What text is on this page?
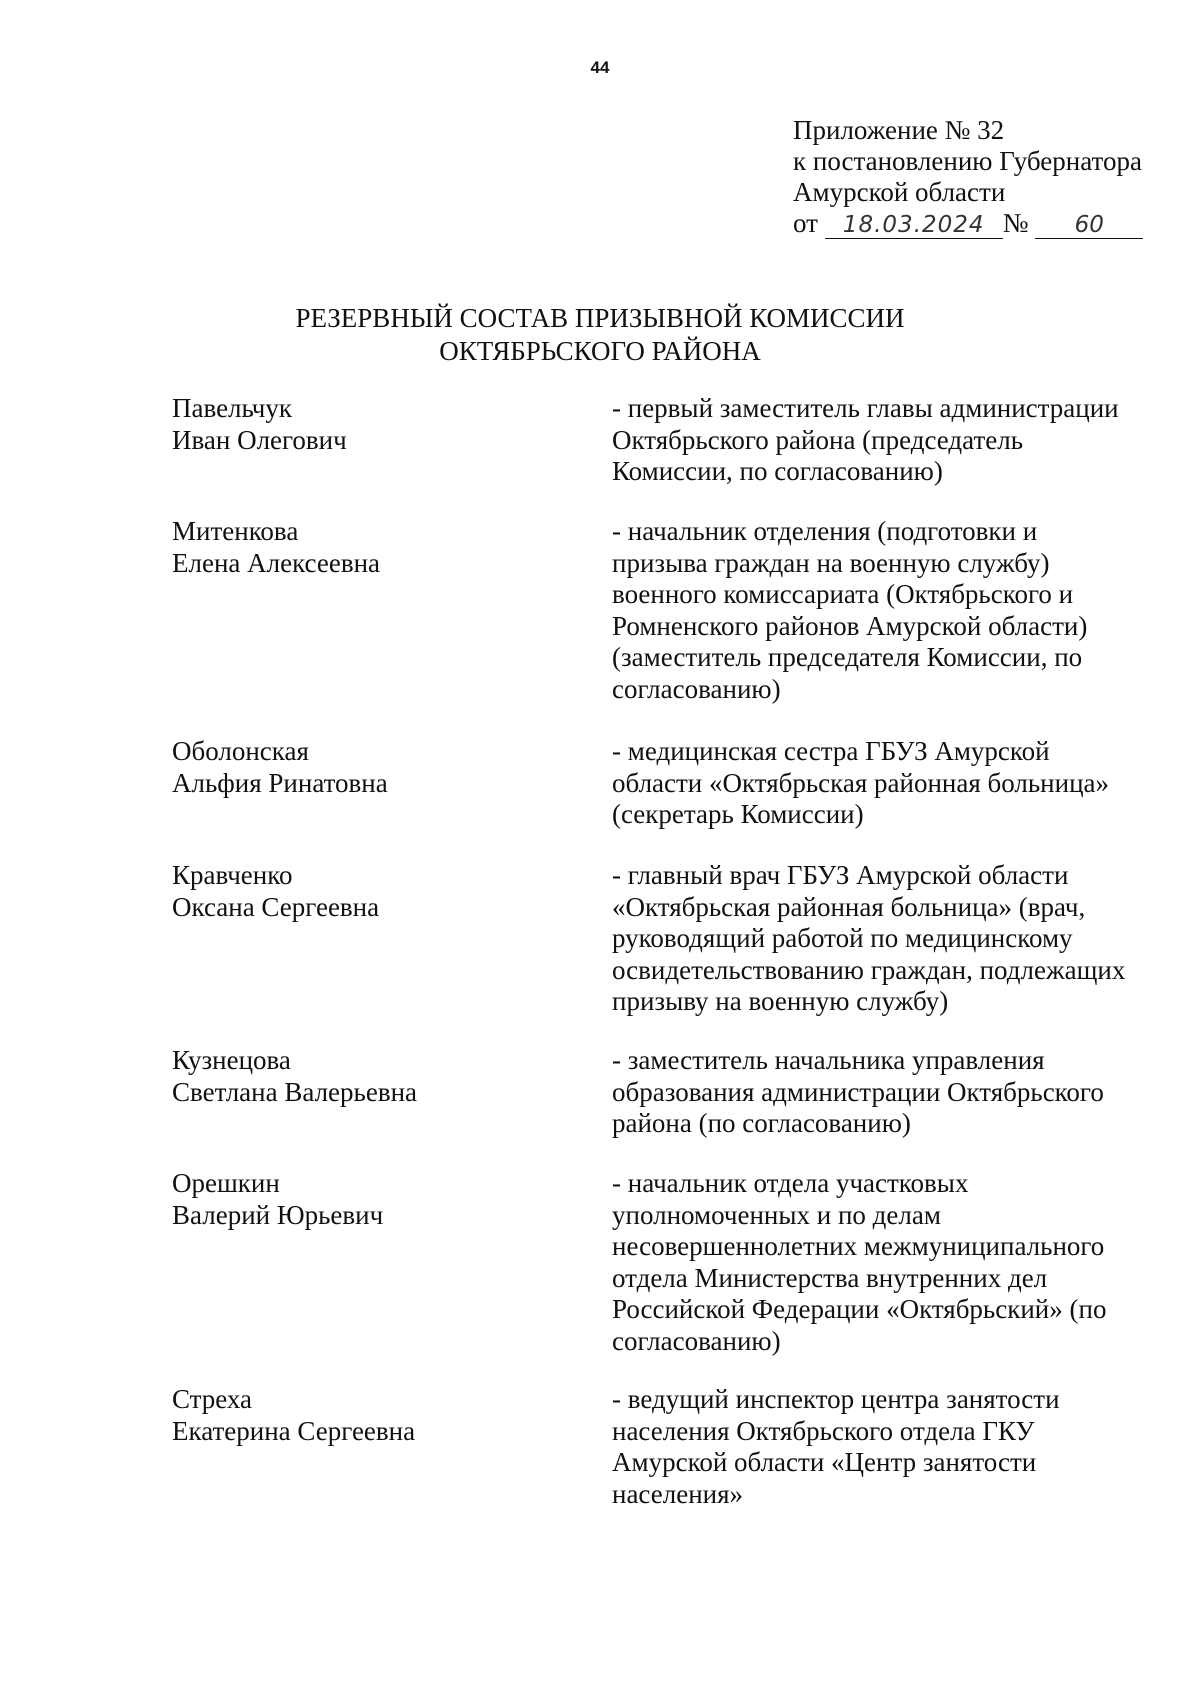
44
Приложение № 32
к постановлению Губернатора
Амурской области
от 18.03.2024 № 60
РЕЗЕРВНЫЙ СОСТАВ ПРИЗЫВНОЙ КОМИССИИ
ОКТЯБРЬСКОГО РАЙОНА
Павельчук
Иван Олегович
- первый заместитель главы администрации
Октябрьского района (председатель
Комиссии, по согласованию)
Митенкова
Елена Алексеевна
- начальник отделения (подготовки и
призыва граждан на военную службу)
военного комиссариата (Октябрьского и
Ромненского районов Амурской области)
(заместитель председателя Комиссии, по
согласованию)
Оболонская
Альфия Ринатовна
- медицинская сестра ГБУЗ Амурской
области «Октябрьская районная больница»
(секретарь Комиссии)
Кравченко
Оксана Сергеевна
- главный врач ГБУЗ Амурской области
«Октябрьская районная больница» (врач,
руководящий работой по медицинскому
освидетельствованию граждан, подлежащих
призыву на военную службу)
Кузнецова
Светлана Валерьевна
- заместитель начальника управления
образования администрации Октябрьского
района (по согласованию)
Орешкин
Валерий Юрьевич
- начальник отдела участковых
уполномоченных и по делам
несовершеннолетних межмуниципального
отдела Министерства внутренних дел
Российской Федерации «Октябрьский» (по
согласованию)
Стреха
Екатерина Сергеевна
- ведущий инспектор центра занятости
населения Октябрьского отдела ГКУ
Амурской области «Центр занятости
населения»
